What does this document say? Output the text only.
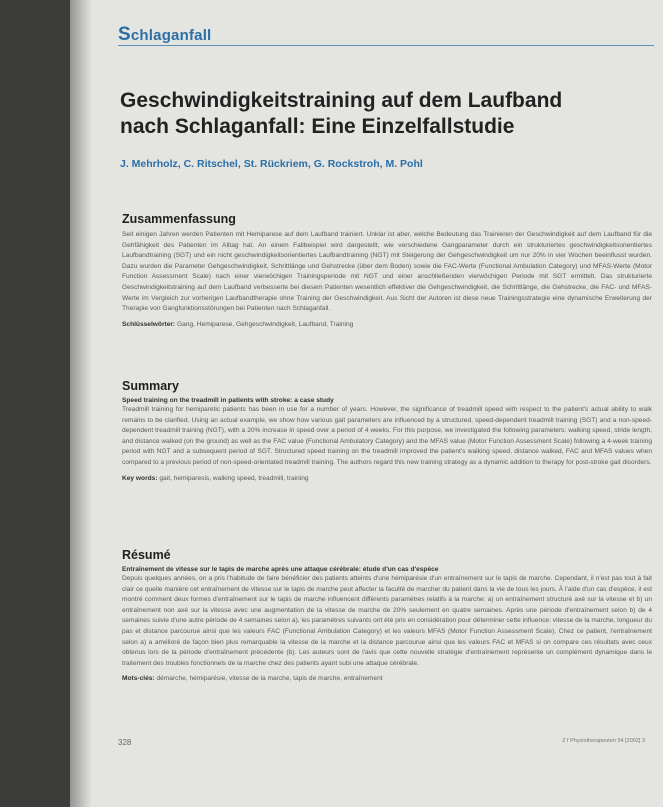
Schlaganfall
Geschwindigkeitstraining auf dem Laufband
nach Schlaganfall: Eine Einzelfallstudie
J. Mehrholz, C. Ritschel, St. Rückriem, G. Rockstroh, M. Pohl
Zusammenfassung

Seit einigen Jahren werden Patienten mit Hemiparese auf dem Laufband trainiert. Unklar ist aber, welche Bedeutung das Trainieren der Geschwindigkeit auf dem Laufband für die Gehfähigkeit des Patienten im Alltag hat. An einem Fallbeispiel wird dargestellt, wie verschiedene Gangparameter durch ein strukturiertes geschwindigkeitsorientiertes Laufbandtraining (SGT) und ein nicht geschwindigkeitsorientiertes Laufbandtraining (NGT) mit Steigerung der Gehgeschwindigkeit um nur 20% in vier Wochen beeinflusst wurden. Dazu wurden die Parameter Gehgeschwindigkeit, Schrittlänge und Gehstrecke (über dem Boden) sowie die FAC-Werte (Functional Ambulation Category) und MFAS-Werte (Motor Function Assessment Scale) nach einer vierwöchigen Trainingsperiode mit NGT und einer anschließenden vierwöchigen Periode mit SGT ermittelt. Das strukturierte Geschwindigkeitstraining auf dem Laufband verbesserte bei diesem Patienten wesentlich effektiver die Gehgeschwindigkeit, die Schrittlänge, die Gehstrecke, die FAC- und MFAS-Werte im Vergleich zur vorherigen Laufbandtherapie ohne Training der Geschwindigkeit. Aus Sicht der Autoren ist diese neue Trainingsstrategie eine dynamische Erweiterung der Therapie von Gangfunktionsstörungen bei Patienten nach Schlaganfall.

Schlüsselwörter: Gang, Hemiparese, Gehgeschwindigkeit, Laufband, Training
Summary
Speed training on the treadmill in patients with stroke: a case study

Treadmill training for hemiparetic patients has been in use for a number of years. However, the significance of treadmill speed with respect to the patient's actual ability to walk remains to be clarified. Using an actual example, we show how various gait parameters are influenced by a structured, speed-dependent treadmill training (SGT) and a non-speed-dependent treadmill training (NGT), with a 20% increase in speed over a period of 4 weeks. For this purpose, we investigated the following parameters: walking speed, stride length, and distance walked (on the ground) as well as the FAC value (Functional Ambulatory Category) and the MFAS value (Motor Function Assessment Scale) following a 4-week training period with NGT and a subsequent period of SGT. Structured speed training on the treadmill improved the patient's walking speed, distance walked, FAC and MFAS values when compared to a previous period of non-speed-orientated treadmill training. The authors regard this new training strategy as a dynamic addition to therapy for post-stroke gait disorders.

Key words: gait, hemiparesis, walking speed, treadmill, training
Résumé
Entraînement de vitesse sur le tapis de marche après une attaque cérébrale: étude d'un cas d'espèce

Depuis quelques années, on a pris l'habitude de faire bénéficier des patients atteints d'une hémiparésie d'un entraînement sur le tapis de marche. Cependant, il n'est pas tout à fait clair ce quelle manière cet entraînement de vitesse sur le tapis de marche peut affecter la faculté de marcher du patient dans la vie de tous les jours. À l'aide d'un cas d'espèce, il est montré comment deux formes d'entraînement sur le tapis de marche influencent différents paramètres relatifs à la marche: a) un entraînement structuré axé sur la vitesse et b) un entraînement non axé sur la vitesse avec une augmentation de la vitesse de marche de 20% seulement en quatre semaines. Après une période d'entraînement selon b) de 4 semaines suivie d'une autre période de 4 semaines selon a), les paramètres suivants ont été pris en considération pour déterminer cette influence: vitesse de la marche, longueur du pas et distance parcourue ainsi que les valeurs FAC (Functional Ambulation Category) et les valeurs MFAS (Motor Function Assessment Scale). Chez ce patient, l'entraînement selon a) a amélioré de façon bien plus remarquable la vitesse de la marche et la distance parcourue ainsi que les valeurs FAC et MFAS si on compare ces résultats avec ceux obtenus lors de la période d'entraînement précédente (b). Les auteurs sont de l'avis que cette nouvelle stratégie d'entraînement représente un complément dynamique dans le traitement des troubles fonctionnels de la marche chez des patients ayant subi une attaque cérébrale.

Mots-clés: démarche, hémiparésie, vitesse de la marche, tapis de marche, entraînement
328	Z f Physiotherapeuten 54 [2002] 3
